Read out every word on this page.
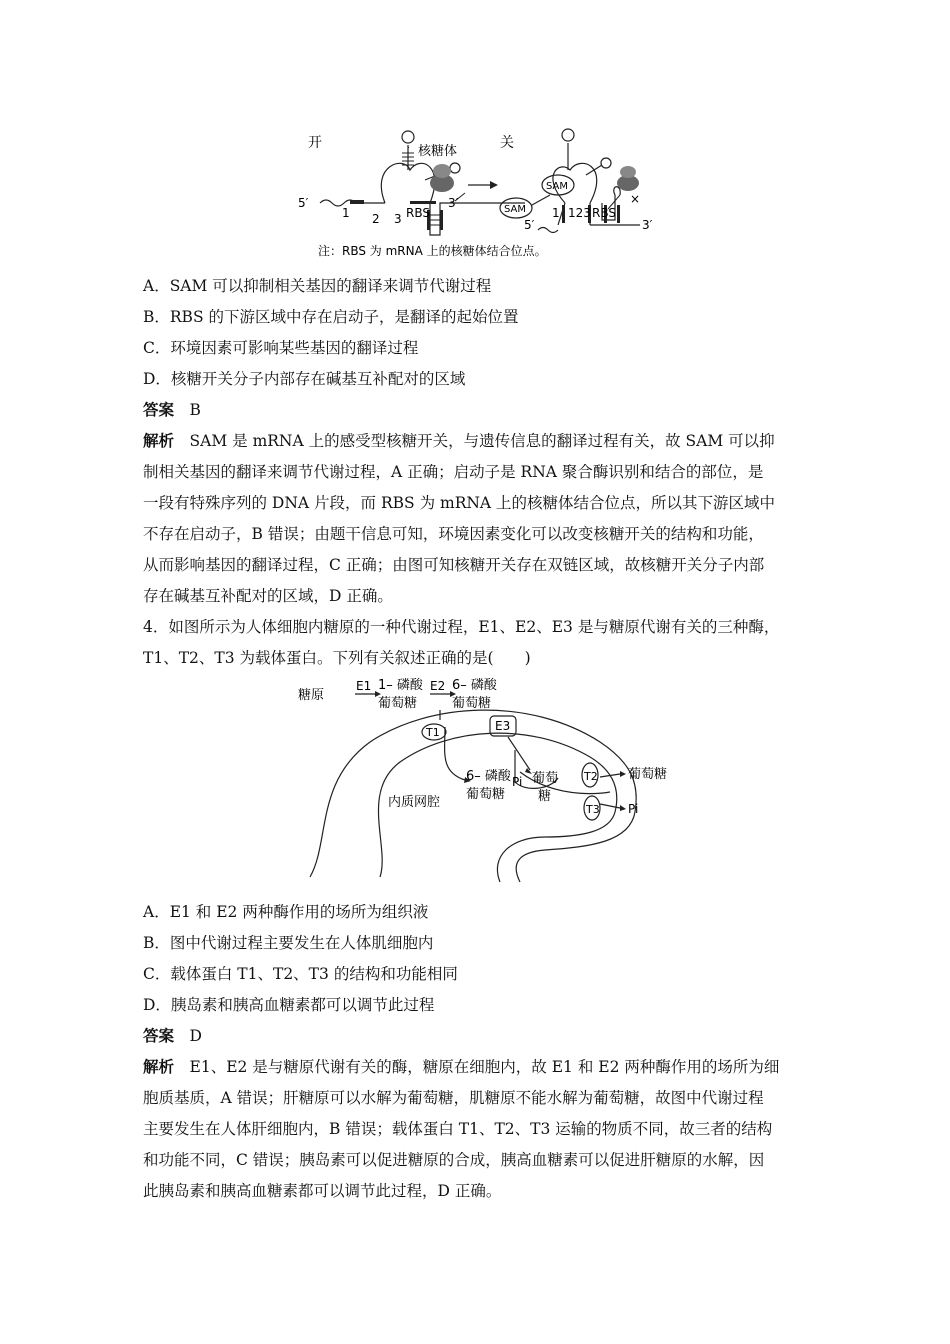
×
开	关
核糖体
5′
1 2 3 RBS
3′
SAM
SAM
5′
1 123 RBS
3′
注：RBS 为 mRNA 上的核糖体结合位点。
A．SAM 可以抑制相关基因的翻译来调节代谢过程
B．RBS 的下游区域中存在启动子，是翻译的起始位置
C．环境因素可影响某些基因的翻译过程
D．核糖开关分子内部存在碱基互补配对的区域
答案　 B
解析　 SAM 是 mRNA 上的感受型核糖开关，与遗传信息的翻译过程有关，故 SAM 可以抑
制相关基因的翻译来调节代谢过程，A 正确；启动子是 RNA 聚合酶识别和结合的部位，是
一段有特殊序列的 DNA 片段，而 RBS 为 mRNA 上的核糖体结合位点，所以其下游区域中
不存在启动子，B 错误；由题干信息可知，环境因素变化可以改变核糖开关的结构和功能，
从而影响基因的翻译过程，C 正确；由图可知核糖开关存在双链区域，故核糖开关分子内部
存在碱基互补配对的区域，D 正确。
4．如图所示为人体细胞内糖原的一种代谢过程，E1、E2、E3 是与糖原代谢有关的三种酶，
T1、T2、T3 为载体蛋白。下列有关叙述正确的是(　　)
糖原
E1 1– 磷酸
葡萄糖
E2 6– 磷酸
葡萄糖
T1	E3
6– 磷酸
葡萄糖
Pi 葡萄
糖
T2
T3
葡萄糖
Pi
内质网腔
A．E1 和 E2 两种酶作用的场所为组织液
B．图中代谢过程主要发生在人体肌细胞内
C．载体蛋白 T1、T2、T3 的结构和功能相同
D．胰岛素和胰高血糖素都可以调节此过程
答案　 D
解析　 E1、E2 是与糖原代谢有关的酶，糖原在细胞内，故 E1 和 E2 两种酶作用的场所为细
胞质基质，A 错误；肝糖原可以水解为葡萄糖，肌糖原不能水解为葡萄糖，故图中代谢过程
主要发生在人体肝细胞内，B 错误；载体蛋白 T1、T2、T3 运输的物质不同，故三者的结构
和功能不同，C 错误；胰岛素可以促进糖原的合成，胰高血糖素可以促进肝糖原的水解，因
此胰岛素和胰高血糖素都可以调节此过程，D 正确。
